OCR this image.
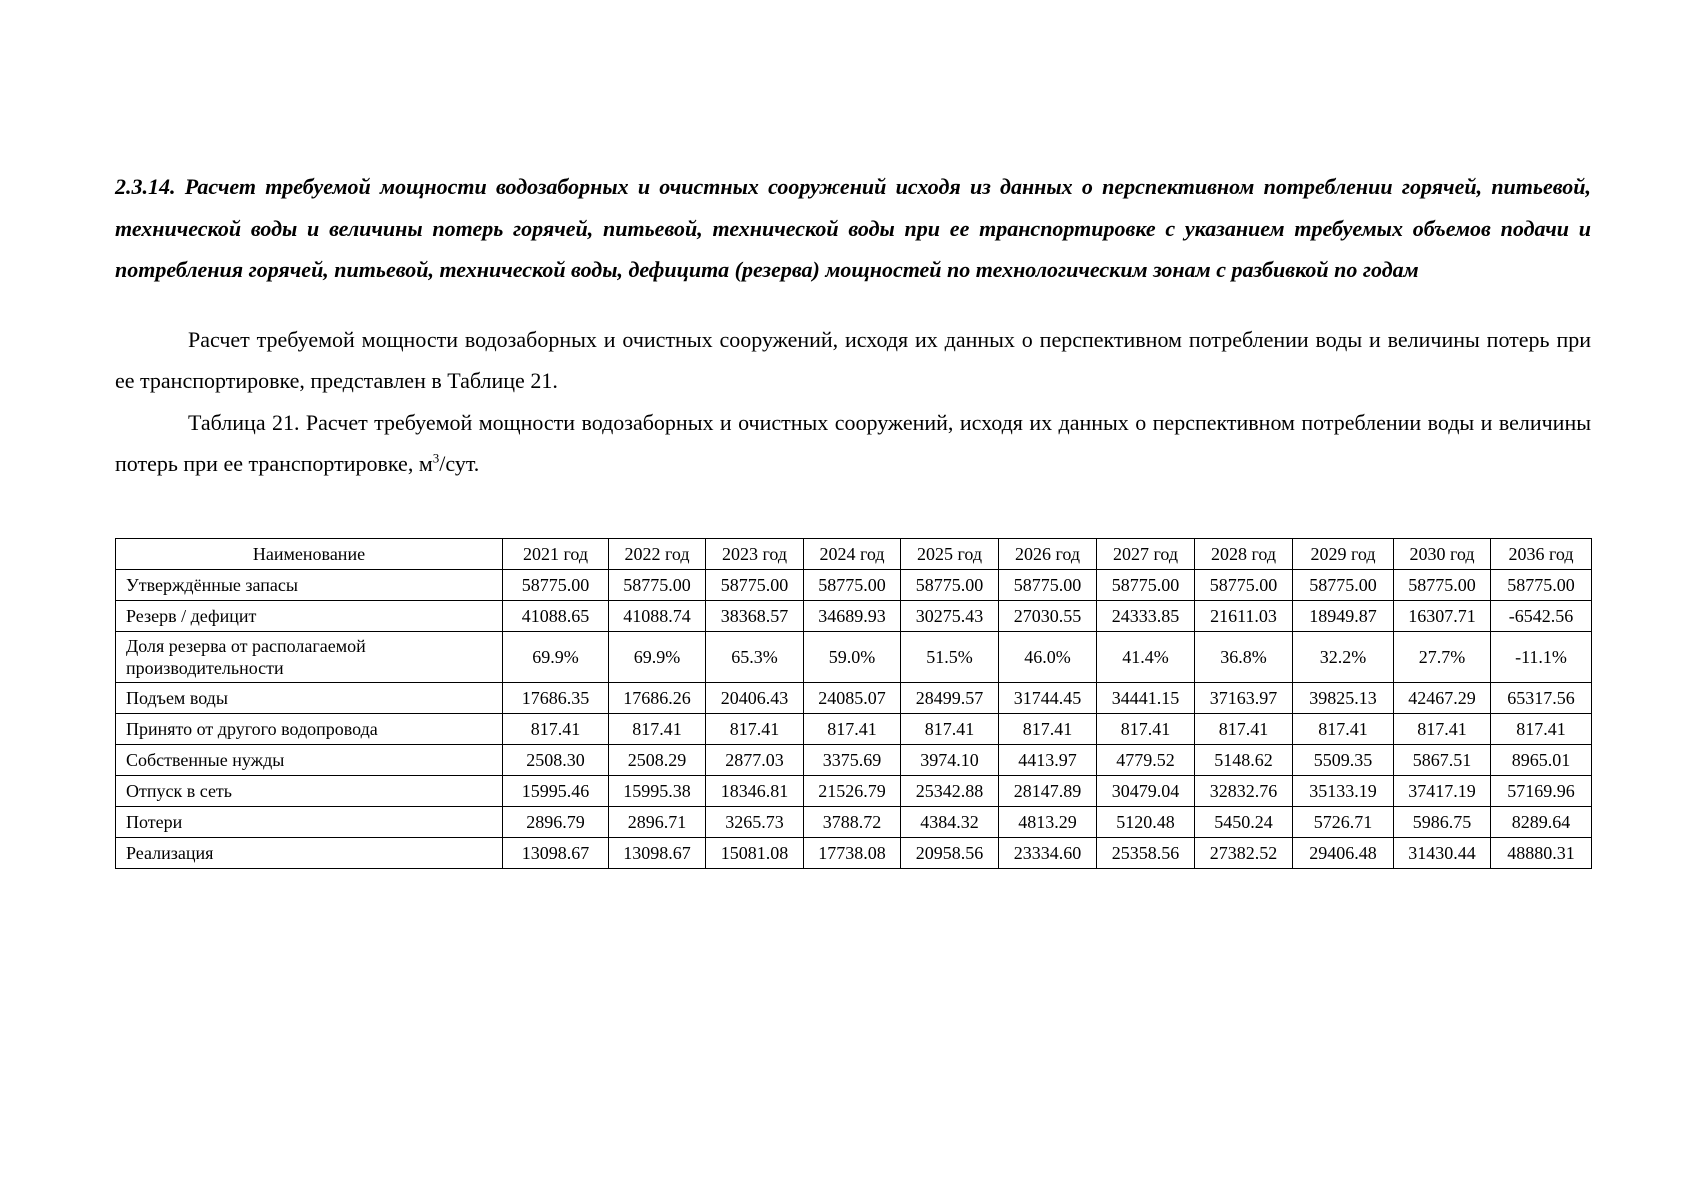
2.3.14. Расчет требуемой мощности водозаборных и очистных сооружений исходя из данных о перспективном потреблении горячей, питьевой, технической воды и величины потерь горячей, питьевой, технической воды при ее транспортировке с указанием требуемых объемов подачи и потребления горячей, питьевой, технической воды, дефицита (резерва) мощностей по технологическим зонам с разбивкой по годам

Расчет требуемой мощности водозаборных и очистных сооружений, исходя их данных о перспективном потреблении воды и величины потерь при ее транспортировке, представлен в Таблице 21.

Таблица 21. Расчет требуемой мощности водозаборных и очистных сооружений, исходя их данных о перспективном потреблении воды и величины потерь при ее транспортировке, $м^3$/сут.

Наименование	2021 год	2022 год	2023 год	2024 год	2025 год	2026 год	2027 год	2028 год	2029 год	2030 год	2036 год
Утверждённые запасы	58775.00	58775.00	58775.00	58775.00	58775.00	58775.00	58775.00	58775.00	58775.00	58775.00	58775.00
Резерв / дефицит	41088.65	41088.74	38368.57	34689.93	30275.43	27030.55	24333.85	21611.03	18949.87	16307.71	-6542.56
Доля резерва от располагаемой производительности	69.9%	69.9%	65.3%	59.0%	51.5%	46.0%	41.4%	36.8%	32.2%	27.7%	-11.1%
Подъем воды	17686.35	17686.26	20406.43	24085.07	28499.57	31744.45	34441.15	37163.97	39825.13	42467.29	65317.56
Принято от другого водопровода	817.41	817.41	817.41	817.41	817.41	817.41	817.41	817.41	817.41	817.41	817.41
Собственные нужды	2508.30	2508.29	2877.03	3375.69	3974.10	4413.97	4779.52	5148.62	5509.35	5867.51	8965.01
Отпуск в сеть	15995.46	15995.38	18346.81	21526.79	25342.88	28147.89	30479.04	32832.76	35133.19	37417.19	57169.96
Потери	2896.79	2896.71	3265.73	3788.72	4384.32	4813.29	5120.48	5450.24	5726.71	5986.75	8289.64
Реализация	13098.67	13098.67	15081.08	17738.08	20958.56	23334.60	25358.56	27382.52	29406.48	31430.44	48880.31
